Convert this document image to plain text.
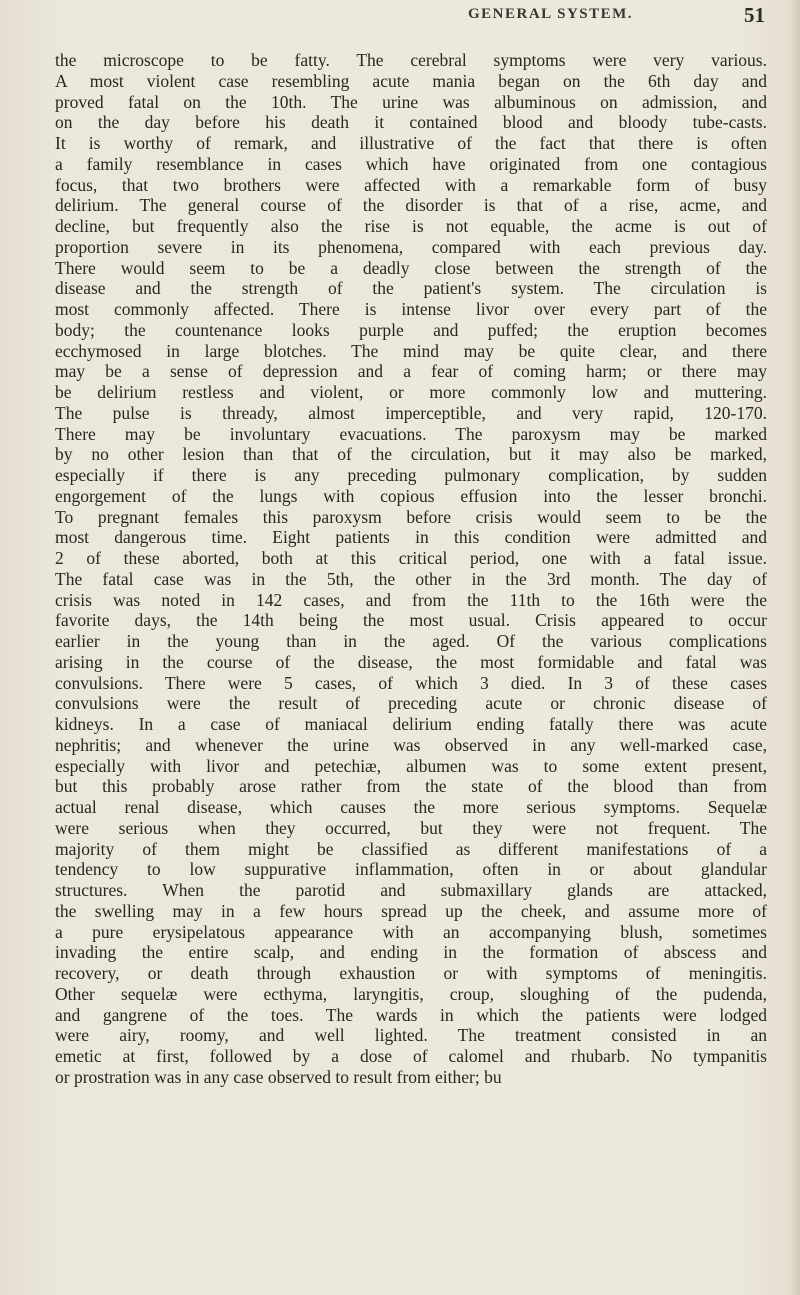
GENERAL SYSTEM.	51
the microscope to be fatty. The cerebral symptoms were very various.
A most violent case resembling acute mania began on the 6th day and
proved fatal on the 10th. The urine was albuminous on admission, and
on the day before his death it contained blood and bloody tube-casts.
It is worthy of remark, and illustrative of the fact that there is often
a family resemblance in cases which have originated from one contagious
focus, that two brothers were affected with a remarkable form of busy
delirium. The general course of the disorder is that of a rise, acme, and
decline, but frequently also the rise is not equable, the acme is out of
proportion severe in its phenomena, compared with each previous day.
There would seem to be a deadly close between the strength of the
disease and the strength of the patient's system. The circulation is
most commonly affected. There is intense livor over every part of the
body; the countenance looks purple and puffed; the eruption becomes
ecchymosed in large blotches. The mind may be quite clear, and there
may be a sense of depression and a fear of coming harm; or there may
be delirium restless and violent, or more commonly low and muttering.
The pulse is thready, almost imperceptible, and very rapid, 120-170.
There may be involuntary evacuations. The paroxysm may be marked
by no other lesion than that of the circulation, but it may also be marked,
especially if there is any preceding pulmonary complication, by sudden
engorgement of the lungs with copious effusion into the lesser bronchi.
To pregnant females this paroxysm before crisis would seem to be the
most dangerous time. Eight patients in this condition were admitted and
2 of these aborted, both at this critical period, one with a fatal issue.
The fatal case was in the 5th, the other in the 3rd month. The day of
crisis was noted in 142 cases, and from the 11th to the 16th were the
favorite days, the 14th being the most usual. Crisis appeared to occur
earlier in the young than in the aged. Of the various complications
arising in the course of the disease, the most formidable and fatal was
convulsions. There were 5 cases, of which 3 died. In 3 of these cases
convulsions were the result of preceding acute or chronic disease of
kidneys. In a case of maniacal delirium ending fatally there was acute
nephritis; and whenever the urine was observed in any well-marked case,
especially with livor and petechiæ, albumen was to some extent present,
but this probably arose rather from the state of the blood than from
actual renal disease, which causes the more serious symptoms. Sequelæ
were serious when they occurred, but they were not frequent. The
majority of them might be classified as different manifestations of a
tendency to low suppurative inflammation, often in or about glandular
structures. When the parotid and submaxillary glands are attacked,
the swelling may in a few hours spread up the cheek, and assume more of
a pure erysipelatous appearance with an accompanying blush, sometimes
invading the entire scalp, and ending in the formation of abscess and
recovery, or death through exhaustion or with symptoms of meningitis.
Other sequelæ were ecthyma, laryngitis, croup, sloughing of the pudenda,
and gangrene of the toes. The wards in which the patients were lodged
were airy, roomy, and well lighted. The treatment consisted in an
emetic at first, followed by a dose of calomel and rhubarb. No tympanitis
or prostration was in any case observed to result from either; bu
